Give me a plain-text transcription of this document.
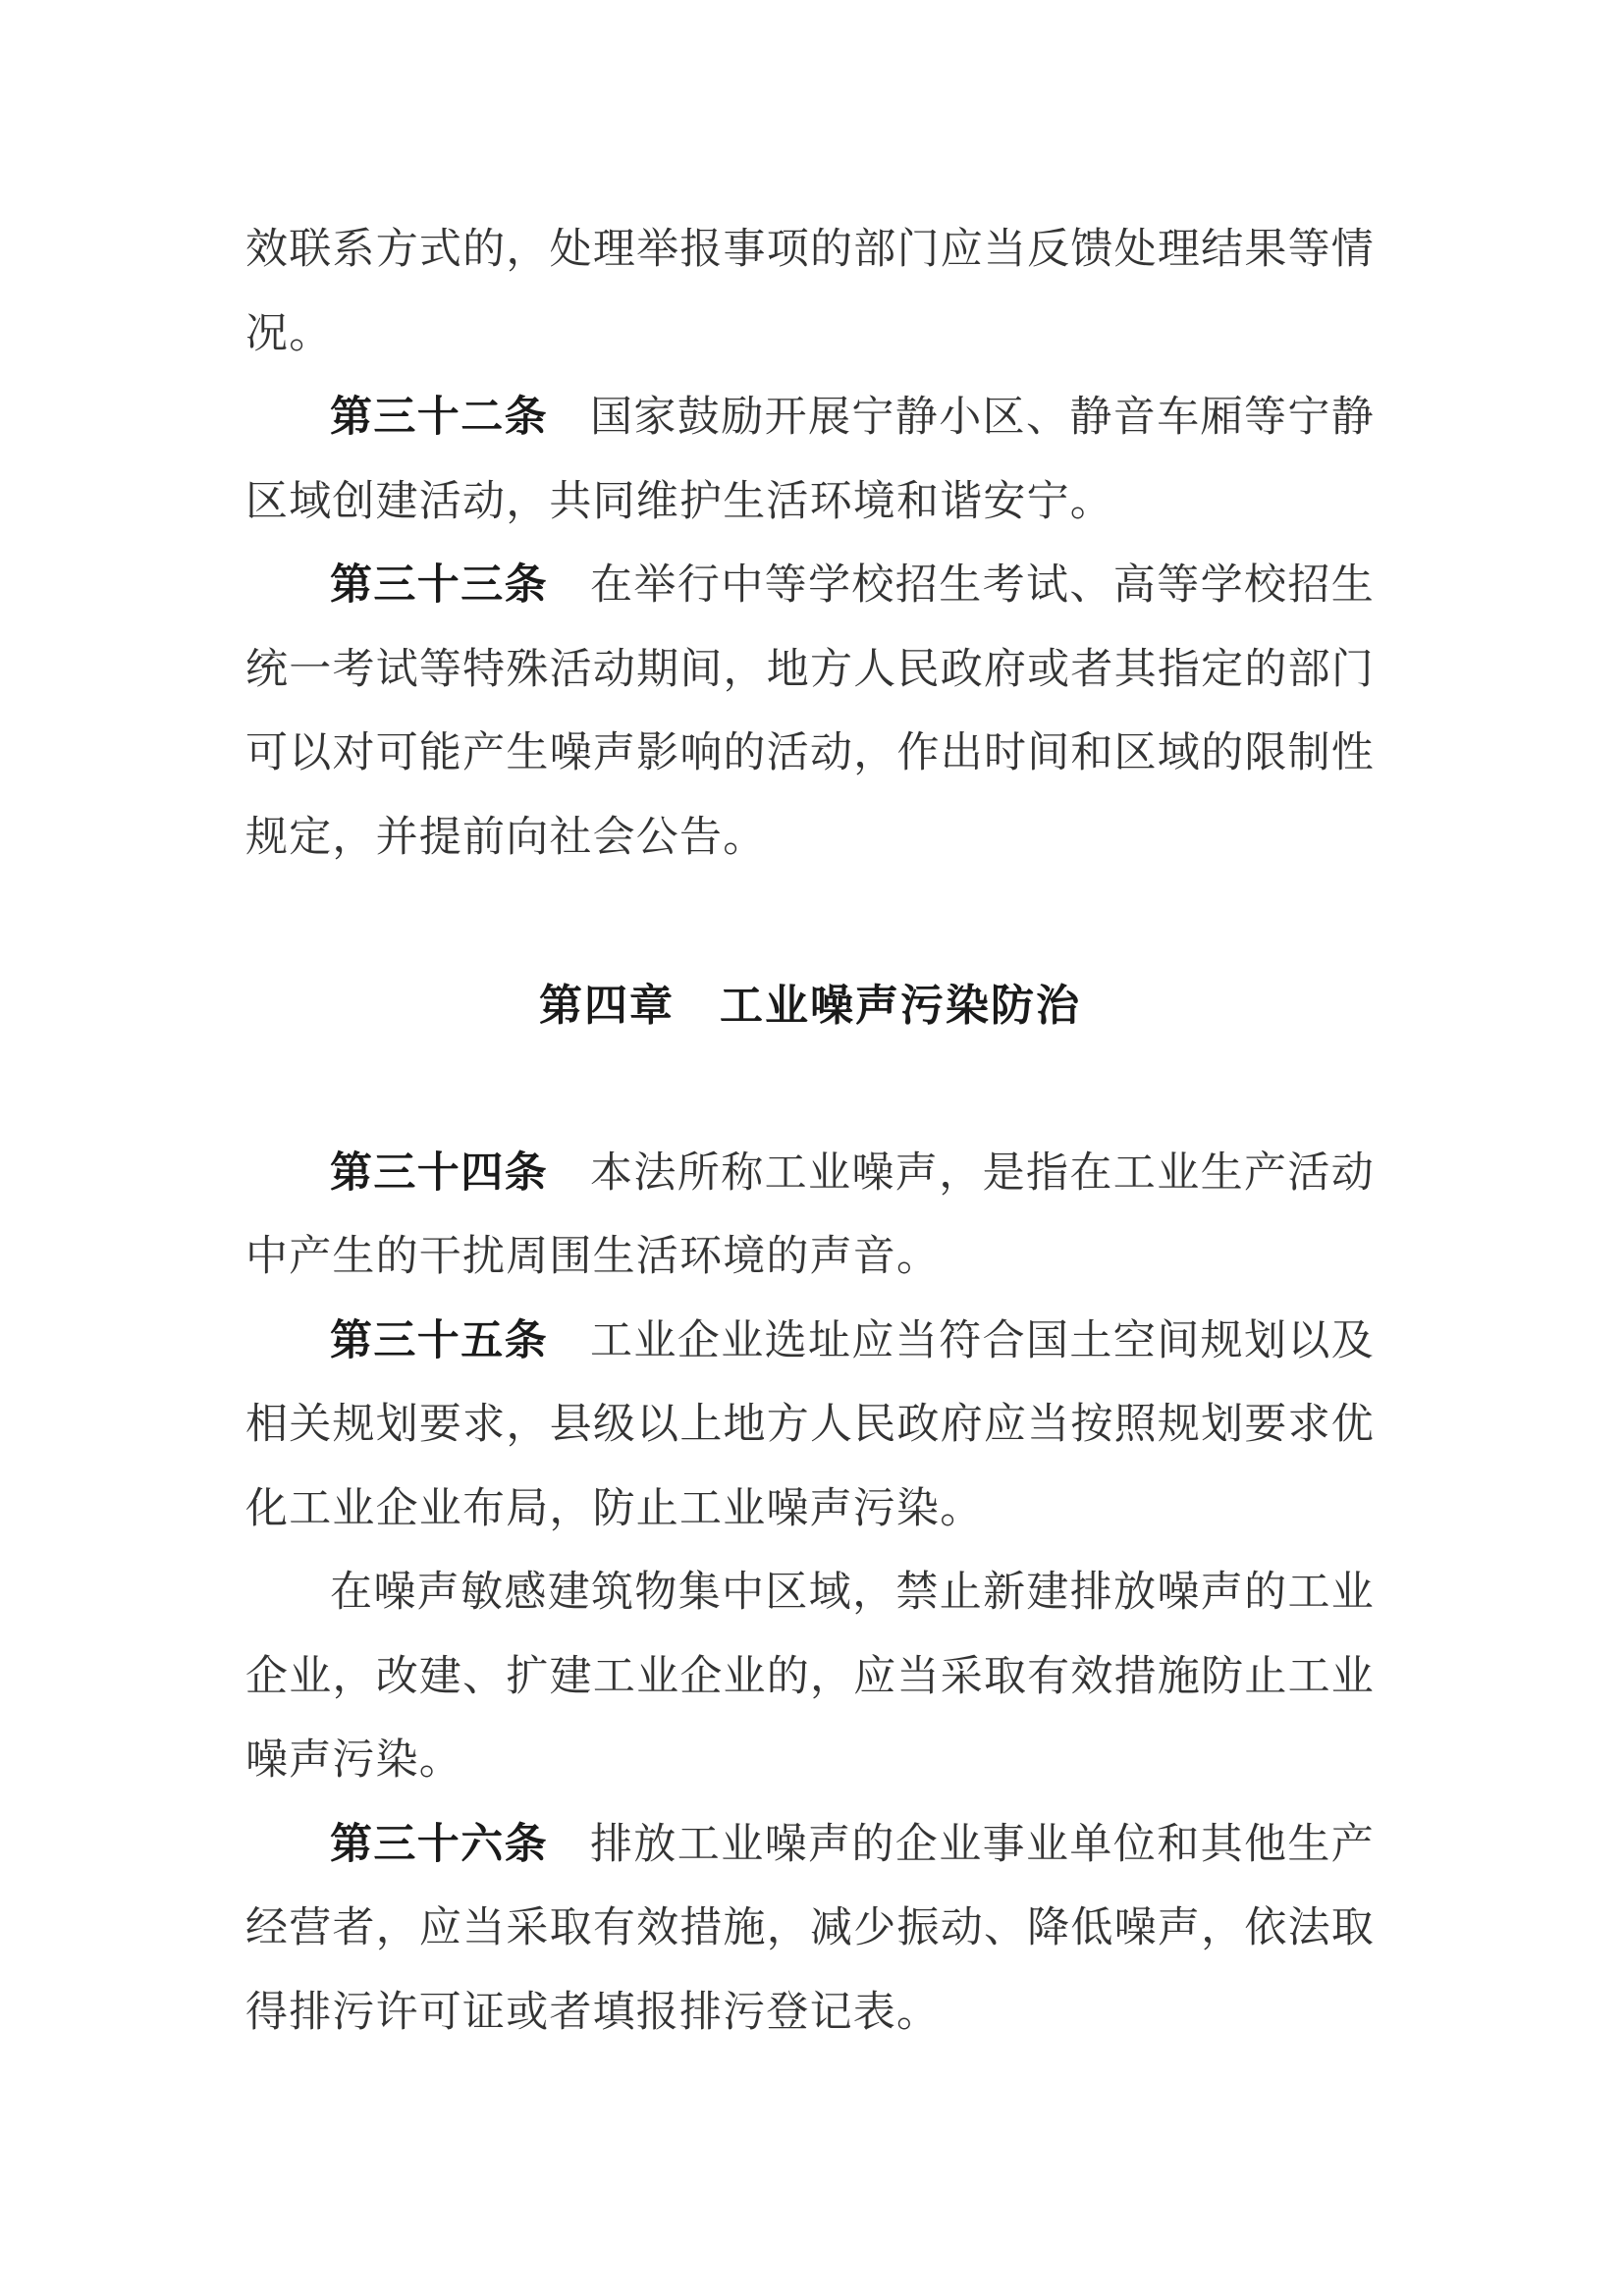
效联系方式的，处理举报事项的部门应当反馈处理结果等情况。

第三十二条 国家鼓励开展宁静小区、静音车厢等宁静区域创建活动，共同维护生活环境和谐安宁。

第三十三条 在举行中等学校招生考试、高等学校招生统一考试等特殊活动期间，地方人民政府或者其指定的部门可以对可能产生噪声影响的活动，作出时间和区域的限制性规定，并提前向社会公告。

第四章　工业噪声污染防治

第三十四条 本法所称工业噪声，是指在工业生产活动中产生的干扰周围生活环境的声音。

第三十五条 工业企业选址应当符合国土空间规划以及相关规划要求，县级以上地方人民政府应当按照规划要求优化工业企业布局，防止工业噪声污染。

在噪声敏感建筑物集中区域，禁止新建排放噪声的工业企业，改建、扩建工业企业的，应当采取有效措施防止工业噪声污染。

第三十六条 排放工业噪声的企业事业单位和其他生产经营者，应当采取有效措施，减少振动、降低噪声，依法取得排污许可证或者填报排污登记表。
